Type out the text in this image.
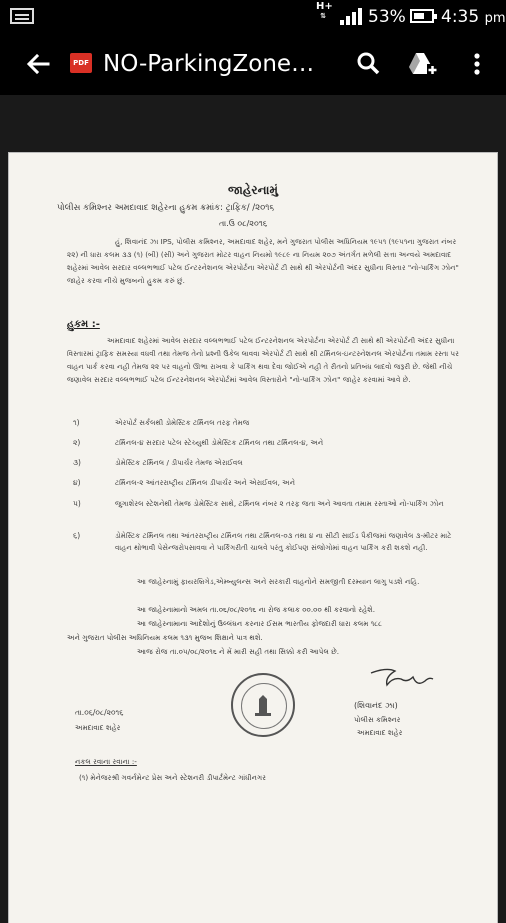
H+
⇅ 53% 4:35 pm
PDF NO-ParkingZone…
જાહેરનામું
પોલીસ કમિશ્નર અમદાવાદ શહેરના હુકમ ક્રમાંક: ટ્રાફિક/ /૨૦૧૬
તા.ઉ ૦૮/૨૦૧૬
હું, શિવાનંદ ઝા IPS, પોલીસ કમિશ્નર, અમદાવાદ શહેર, મને ગુજરાત પોલીસ અધિનિયમ ૧૯૫૧ (૧૯૫૧ના ગુજરાત નંબર ૨૨) ની ધારા કલમ ૩૩ (૧) (બી) (સી) અને ગુજરાત મોટર વાહન નિયમો ૧૯૮૯ ના નિયમ ૨૦૭ અંતર્ગત મળેલી સત્તા અન્વયે અમદાવાદ શહેરમાં આવેલ સરદાર વલ્લભભાઈ પટેલ ઈન્ટરનેશનલ એરપોર્ટના એરપોર્ટ ટી સાથે થી એરપોર્ટની અંદર સુધીના વિસ્તાર "નો-પાર્કિંગ ઝોન" જાહેર કરવા નીચે મુજબનો હુકમ કરું છું.
હુકમ :-
અમદાવાદ શહેરમાં આવેલ સરદાર વલ્લભભાઈ પટેલ ઈન્ટરનેશનલ એરપોર્ટના એરપોર્ટ ટી સાથે થી એરપોર્ટની અંદર સુધીના વિસ્તારમાં ટ્રાફિક સમસ્યા વધવી તથા તેમજ તેનો પ્રશ્ની ઉકેલ લાવવા એરપોર્ટ ટી સાથે થી ટર્મિનલ-ઇન્ટરનેશનલ એરપોર્ટના તમામ રસ્તા પર વાહન પાર્ક કરવા નહી તેમજ ૨૨ પર વાહનો ઊભા રાખવા કે પાર્કિંગ થવા દેવા જોઈએ નહી તે રીતનો પ્રતિબંધ લાદવો જરૂરી છે. જેથી નીચે જણાવેલ સરદાર વલ્લભભાઈ પટેલ ઈન્ટરનેશનલ એરપોર્ટમાં આવેલ વિસ્તારોને "નો-પાર્કિંગ ઝોન" જાહેર કરવામાં આવે છે.
૧)	એરપોર્ટ સર્કલથી ડોમેસ્ટિક ટર્મિનલ તરફ તેમજ
૨)	ટર્મિનલ-૪ સરદાર પટેલ સ્ટેચ્યુથી ડોમેસ્ટિક ટર્મિનલ તથા ટર્મિનલ-૪, અને
૩)	ડોમેસ્ટિક ટર્મિનલ / ડીપાર્ચર તેમજ એરાઈવલ
૪)	ટર્મિનલ-૨ આંતરરાષ્ટ્રીય ટર્મિનલ ડીપાર્ચર અને એરાઈવલ, અને
૫)	જુગાશેરલ સ્ટેશનેથી તેમજ ડોમેસ્ટિક સાથે, ટર્મિનલ નંબર ૨ તરફ જતા અને આવતા તમામ રસ્તાઓ નો-પાર્કિંગ ઝોન
૬)	ડોમેસ્ટિક ટર્મિનલ તથા આંતરરાષ્ટ્રીય ટર્મિનલ તથા ટર્મિનલ-૦૩ તથા ૪ ના સીટી સાઈડ પૈકીજમાં જણાવેલ ૩-મીટર માટે વાહન થોભાવી પેસેન્જરોપસાવવા ને પાર્કિંગરીતી ચાલવે પરંતુ કોઈપણ સંજોગોમાં વાહન પાર્કિંગ કરી શકશે નહી.
આ જાહેરનામું ફાયરબ્રિગેડ,એમ્બ્યુલન્સ અને સરકારી વાહનોને સમજીતી દરમ્યાન લાગુ પડશે નહિ.
આ જાહેરનામાનો અમલ તા.૦૬/૦૮/૨૦૧૬ ના રોજ કલાક ૦૦.૦૦ થી કરવાનો રહેશે.
આ જાહેરનામાના આદેશોનું ઉલ્લંઘન કરનાર ઈસમ ભારતીય ફોજદારી ધારા કલમ ૧૮૮
અને ગુજરાત પોલીસ અધિનિયમ કલમ ૧૩૧ મુજબ શિક્ષાને પાત્ર થશે.
આજ રોજ તા.૦૫/૦૮/૨૦૧૬ ને મેં મારી સહી તથા સિક્કો કરી આપેલ છે.
(શિવાનંદ ઝા)
પોલીસ કમિશ્નર
અમદાવાદ શહેર
તા.૦૬/૦૮/૨૦૧૬
અમદાવાદ શહેર
નકલ રવાના રવાના :-
(૧) મેનેજરશ્રી ગવર્નમેન્ટ પ્રેસ અને સ્ટેશનરી ડીપાર્ટમેન્ટ ગાંધીનગર
